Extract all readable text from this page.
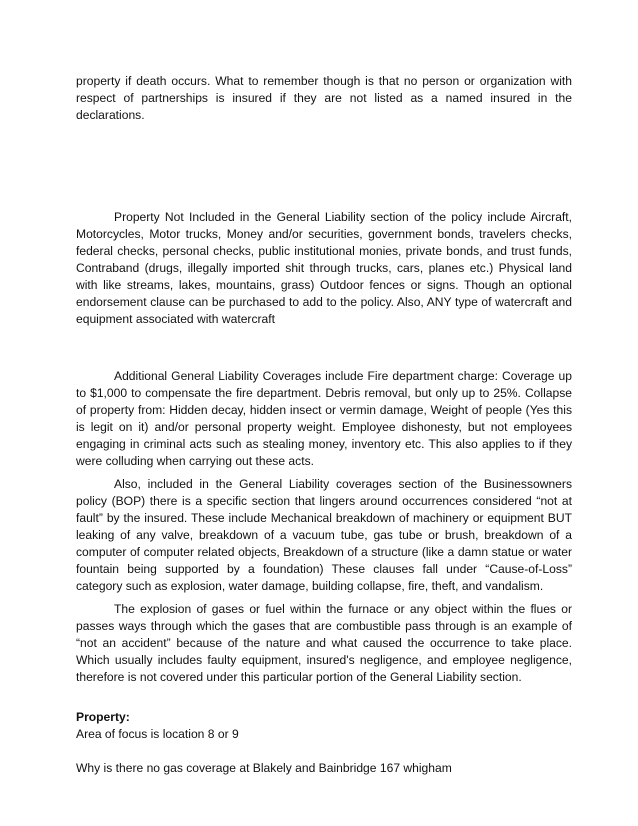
property if death occurs. What to remember though is that no person or organization with respect of partnerships is insured if they are not listed as a named insured in the declarations.

Property Not Included in the General Liability section of the policy include Aircraft, Motorcycles, Motor trucks, Money and/or securities, government bonds, travelers checks, federal checks, personal checks, public institutional monies, private bonds, and trust funds, Contraband (drugs, illegally imported shit through trucks, cars, planes etc.) Physical land with like streams, lakes, mountains, grass) Outdoor fences or signs. Though an optional endorsement clause can be purchased to add to the policy. Also, ANY type of watercraft and equipment associated with watercraft

Additional General Liability Coverages include Fire department charge: Coverage up to $1,000 to compensate the fire department. Debris removal, but only up to 25%. Collapse of property from: Hidden decay, hidden insect or vermin damage, Weight of people (Yes this is legit on it) and/or personal property weight. Employee dishonesty, but not employees engaging in criminal acts such as stealing money, inventory etc. This also applies to if they were colluding when carrying out these acts.

Also, included in the General Liability coverages section of the Businessowners policy (BOP) there is a specific section that lingers around occurrences considered “not at fault” by the insured. These include Mechanical breakdown of machinery or equipment BUT leaking of any valve, breakdown of a vacuum tube, gas tube or brush, breakdown of a computer of computer related objects, Breakdown of a structure (like a damn statue or water fountain being supported by a foundation) These clauses fall under “Cause-of-Loss” category such as explosion, water damage, building collapse, fire, theft, and vandalism.

The explosion of gases or fuel within the furnace or any object within the flues or passes ways through which the gases that are combustible pass through is an example of “not an accident” because of the nature and what caused the occurrence to take place. Which usually includes faulty equipment, insured's negligence, and employee negligence, therefore is not covered under this particular portion of the General Liability section.

Property:

Area of focus is location 8 or 9

Why is there no gas coverage at Blakely and Bainbridge 167 whigham
